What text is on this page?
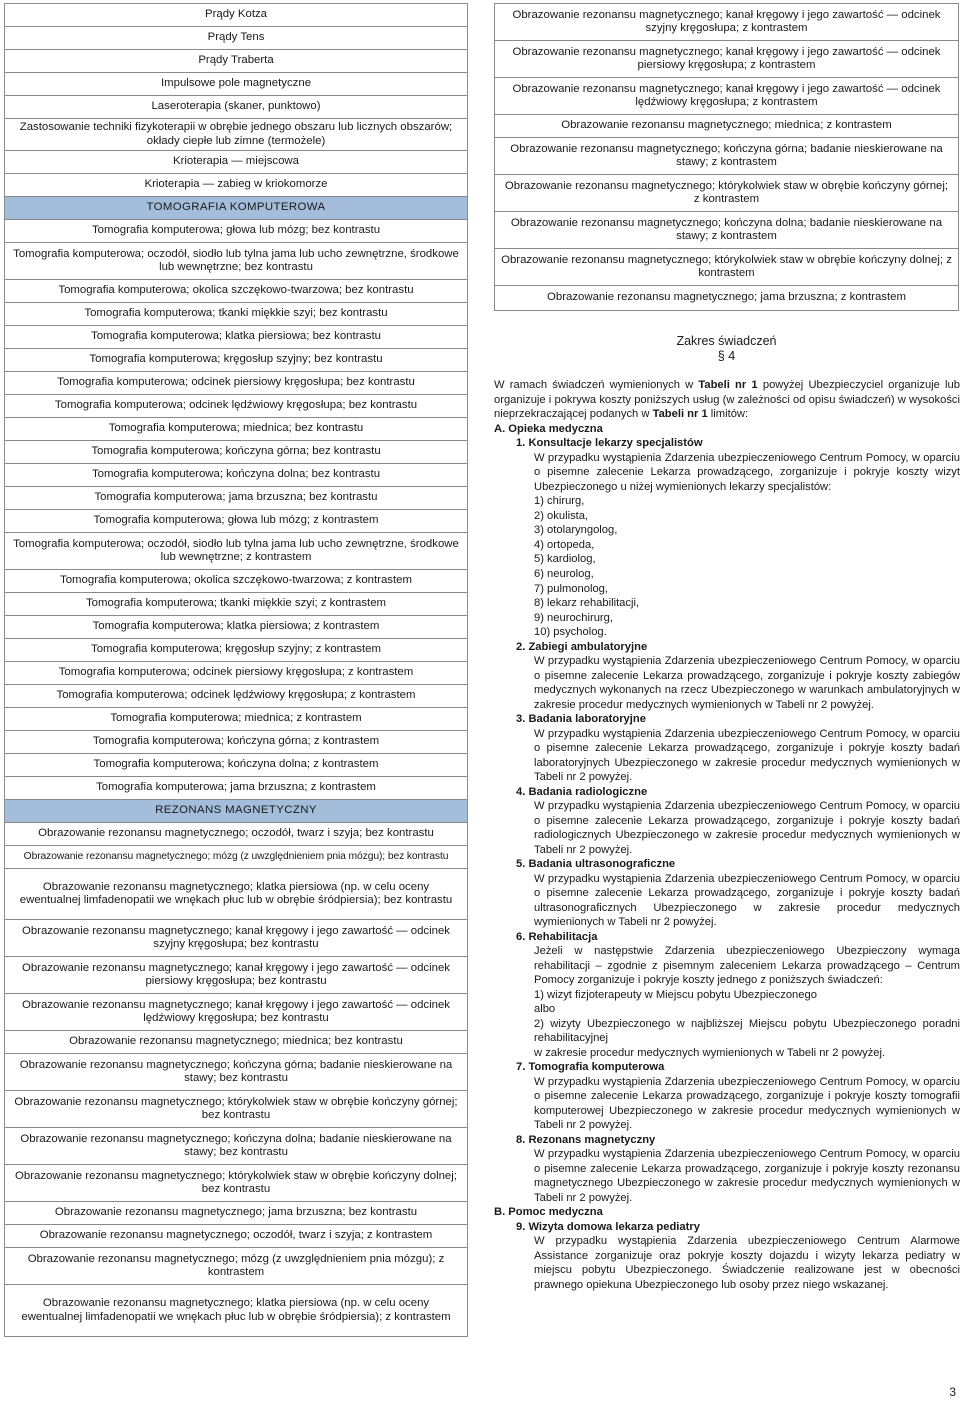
Prądy Kotza
Prądy Tens
Prądy Traberta
Impulsowe pole magnetyczne
Laseroterapia (skaner, punktowo)
Zastosowanie techniki fizykoterapii w obrębie jednego obszaru lub licznych obszarów; okłady ciepłe lub zimne (termożele)
Krioterapia — miejscowa
Krioterapia — zabieg w kriokomorze
TOMOGRAFIA KOMPUTEROWA
Tomografia komputerowa; głowa lub mózg; bez kontrastu
Tomografia komputerowa; oczodół, siodło lub tylna jama lub ucho zewnętrzne, środkowe lub wewnętrzne; bez kontrastu
Tomografia komputerowa; okolica szczękowo-twarzowa; bez kontrastu
Tomografia komputerowa; tkanki miękkie szyi; bez kontrastu
Tomografia komputerowa; klatka piersiowa; bez kontrastu
Tomografia komputerowa; kręgosłup szyjny; bez kontrastu
Tomografia komputerowa; odcinek piersiowy kręgosłupa; bez kontrastu
Tomografia komputerowa; odcinek lędźwiowy kręgosłupa; bez kontrastu
Tomografia komputerowa; miednica; bez kontrastu
Tomografia komputerowa; kończyna górna; bez kontrastu
Tomografia komputerowa; kończyna dolna; bez kontrastu
Tomografia komputerowa; jama brzuszna; bez kontrastu
Tomografia komputerowa; głowa lub mózg; z kontrastem
Tomografia komputerowa; oczodół, siodło lub tylna jama lub ucho zewnętrzne, środkowe lub wewnętrzne; z kontrastem
Tomografia komputerowa; okolica szczękowo-twarzowa; z kontrastem
Tomografia komputerowa; tkanki miękkie szyi; z kontrastem
Tomografia komputerowa; klatka piersiowa; z kontrastem
Tomografia komputerowa; kręgosłup szyjny; z kontrastem
Tomografia komputerowa; odcinek piersiowy kręgosłupa; z kontrastem
Tomografia komputerowa; odcinek lędźwiowy kręgosłupa; z kontrastem
Tomografia komputerowa; miednica; z kontrastem
Tomografia komputerowa; kończyna górna; z kontrastem
Tomografia komputerowa; kończyna dolna; z kontrastem
Tomografia komputerowa; jama brzuszna; z kontrastem
REZONANS MAGNETYCZNY
Obrazowanie rezonansu magnetycznego; oczodół, twarz i szyja; bez kontrastu
Obrazowanie rezonansu magnetycznego; mózg (z uwzględnieniem pnia mózgu); bez kontrastu
Obrazowanie rezonansu magnetycznego; klatka piersiowa (np. w celu oceny ewentualnej limfadenopatii we wnękach płuc lub w obrębie śródpiersia); bez kontrastu
Obrazowanie rezonansu magnetycznego; kanał kręgowy i jego zawartość — odcinek szyjny kręgosłupa; bez kontrastu
Obrazowanie rezonansu magnetycznego; kanał kręgowy i jego zawartość — odcinek piersiowy kręgosłupa; bez kontrastu
Obrazowanie rezonansu magnetycznego; kanał kręgowy i jego zawartość — odcinek lędźwiowy kręgosłupa; bez kontrastu
Obrazowanie rezonansu magnetycznego; miednica; bez kontrastu
Obrazowanie rezonansu magnetycznego; kończyna górna; badanie nieskierowane na stawy; bez kontrastu
Obrazowanie rezonansu magnetycznego; którykolwiek staw w obrębie kończyny górnej; bez kontrastu
Obrazowanie rezonansu magnetycznego; kończyna dolna; badanie nieskierowane na stawy; bez kontrastu
Obrazowanie rezonansu magnetycznego; którykolwiek staw w obrębie kończyny dolnej; bez kontrastu
Obrazowanie rezonansu magnetycznego; jama brzuszna; bez kontrastu
Obrazowanie rezonansu magnetycznego; oczodół, twarz i szyja; z kontrastem
Obrazowanie rezonansu magnetycznego; mózg (z uwzględnieniem pnia mózgu); z kontrastem
Obrazowanie rezonansu magnetycznego; klatka piersiowa (np. w celu oceny ewentualnej limfadenopatii we wnękach płuc lub w obrębie śródpiersia); z kontrastem
Obrazowanie rezonansu magnetycznego; kanał kręgowy i jego zawartość — odcinek szyjny kręgosłupa; z kontrastem
Obrazowanie rezonansu magnetycznego; kanał kręgowy i jego zawartość — odcinek piersiowy kręgosłupa; z kontrastem
Obrazowanie rezonansu magnetycznego; kanał kręgowy i jego zawartość — odcinek lędźwiowy kręgosłupa; z kontrastem
Obrazowanie rezonansu magnetycznego; miednica; z kontrastem
Obrazowanie rezonansu magnetycznego; kończyna górna; badanie nieskierowane na stawy; z kontrastem
Obrazowanie rezonansu magnetycznego; którykolwiek staw w obrębie kończyny górnej; z kontrastem
Obrazowanie rezonansu magnetycznego; kończyna dolna; badanie nieskierowane na stawy; z kontrastem
Obrazowanie rezonansu magnetycznego; którykolwiek staw w obrębie kończyny dolnej; z kontrastem
Obrazowanie rezonansu magnetycznego; jama brzuszna; z kontrastem
Zakres świadczeń
§ 4

W ramach świadczeń wymienionych w Tabeli nr 1 powyżej Ubezpieczyciel organizuje lub organizuje i pokrywa koszty poniższych usług (w zależności od opisu świadczeń) w wysokości nieprzekraczającej podanych w Tabeli nr 1 limitów:

A. Opieka medyczna
1. Konsultacje lekarzy specjalistów
W przypadku wystąpienia Zdarzenia ubezpieczeniowego Centrum Pomocy, w oparciu o pisemne zalecenie Lekarza prowadzącego, zorganizuje i pokryje koszty wizyt Ubezpieczonego u niżej wymienionych lekarzy specjalistów:
1) chirurg,
2) okulista,
3) otolaryngolog,
4) ortopeda,
5) kardiolog,
6) neurolog,
7) pulmonolog,
8) lekarz rehabilitacji,
9) neurochirurg,
10) psycholog.
2. Zabiegi ambulatoryjne
W przypadku wystąpienia Zdarzenia ubezpieczeniowego Centrum Pomocy, w oparciu o pisemne zalecenie Lekarza prowadzącego, zorganizuje i pokryje koszty zabiegów medycznych wykonanych na rzecz Ubezpieczonego w warunkach ambulatoryjnych w zakresie procedur medycznych wymienionych w Tabeli nr 2 powyżej.
3. Badania laboratoryjne
W przypadku wystąpienia Zdarzenia ubezpieczeniowego Centrum Pomocy, w oparciu o pisemne zalecenie Lekarza prowadzącego, zorganizuje i pokryje koszty badań laboratoryjnych Ubezpieczonego w zakresie procedur medycznych wymienionych w Tabeli nr 2 powyżej.
4. Badania radiologiczne
W przypadku wystąpienia Zdarzenia ubezpieczeniowego Centrum Pomocy, w oparciu o pisemne zalecenie Lekarza prowadzącego, zorganizuje i pokryje koszty badań radiologicznych Ubezpieczonego w zakresie procedur medycznych wymienionych w Tabeli nr 2 powyżej.
5. Badania ultrasonograficzne
W przypadku wystąpienia Zdarzenia ubezpieczeniowego Centrum Pomocy, w oparciu o pisemne zalecenie Lekarza prowadzącego, zorganizuje i pokryje koszty badań ultrasonograficznych Ubezpieczonego w zakresie procedur medycznych wymienionych w Tabeli nr 2 powyżej.
6. Rehabilitacja
Jeżeli w następstwie Zdarzenia ubezpieczeniowego Ubezpieczony wymaga rehabilitacji – zgodnie z pisemnym zaleceniem Lekarza prowadzącego – Centrum Pomocy zorganizuje i pokryje koszty jednego z poniższych świadczeń:
1) wizyt fizjoterapeuty w Miejscu pobytu Ubezpieczonego
albo
2) wizyty Ubezpieczonego w najbliższej Miejscu pobytu Ubezpieczonego poradni rehabilitacyjnej
w zakresie procedur medycznych wymienionych w Tabeli nr 2 powyżej.
7. Tomografia komputerowa
W przypadku wystąpienia Zdarzenia ubezpieczeniowego Centrum Pomocy, w oparciu o pisemne zalecenie Lekarza prowadzącego, zorganizuje i pokryje koszty tomografii komputerowej Ubezpieczonego w zakresie procedur medycznych wymienionych w Tabeli nr 2 powyżej.
8. Rezonans magnetyczny
W przypadku wystąpienia Zdarzenia ubezpieczeniowego Centrum Pomocy, w oparciu o pisemne zalecenie Lekarza prowadzącego, zorganizuje i pokryje koszty rezonansu magnetycznego Ubezpieczonego w zakresie procedur medycznych wymienionych w Tabeli nr 2 powyżej.
B. Pomoc medyczna
9. Wizyta domowa lekarza pediatry
W przypadku wystąpienia Zdarzenia ubezpieczeniowego Centrum Alarmowe Assistance zorganizuje oraz pokryje koszty dojazdu i wizyty lekarza pediatry w miejscu pobytu Ubezpieczonego. Świadczenie realizowane jest w obecności prawnego opiekuna Ubezpieczonego lub osoby przez niego wskazanej.
3
